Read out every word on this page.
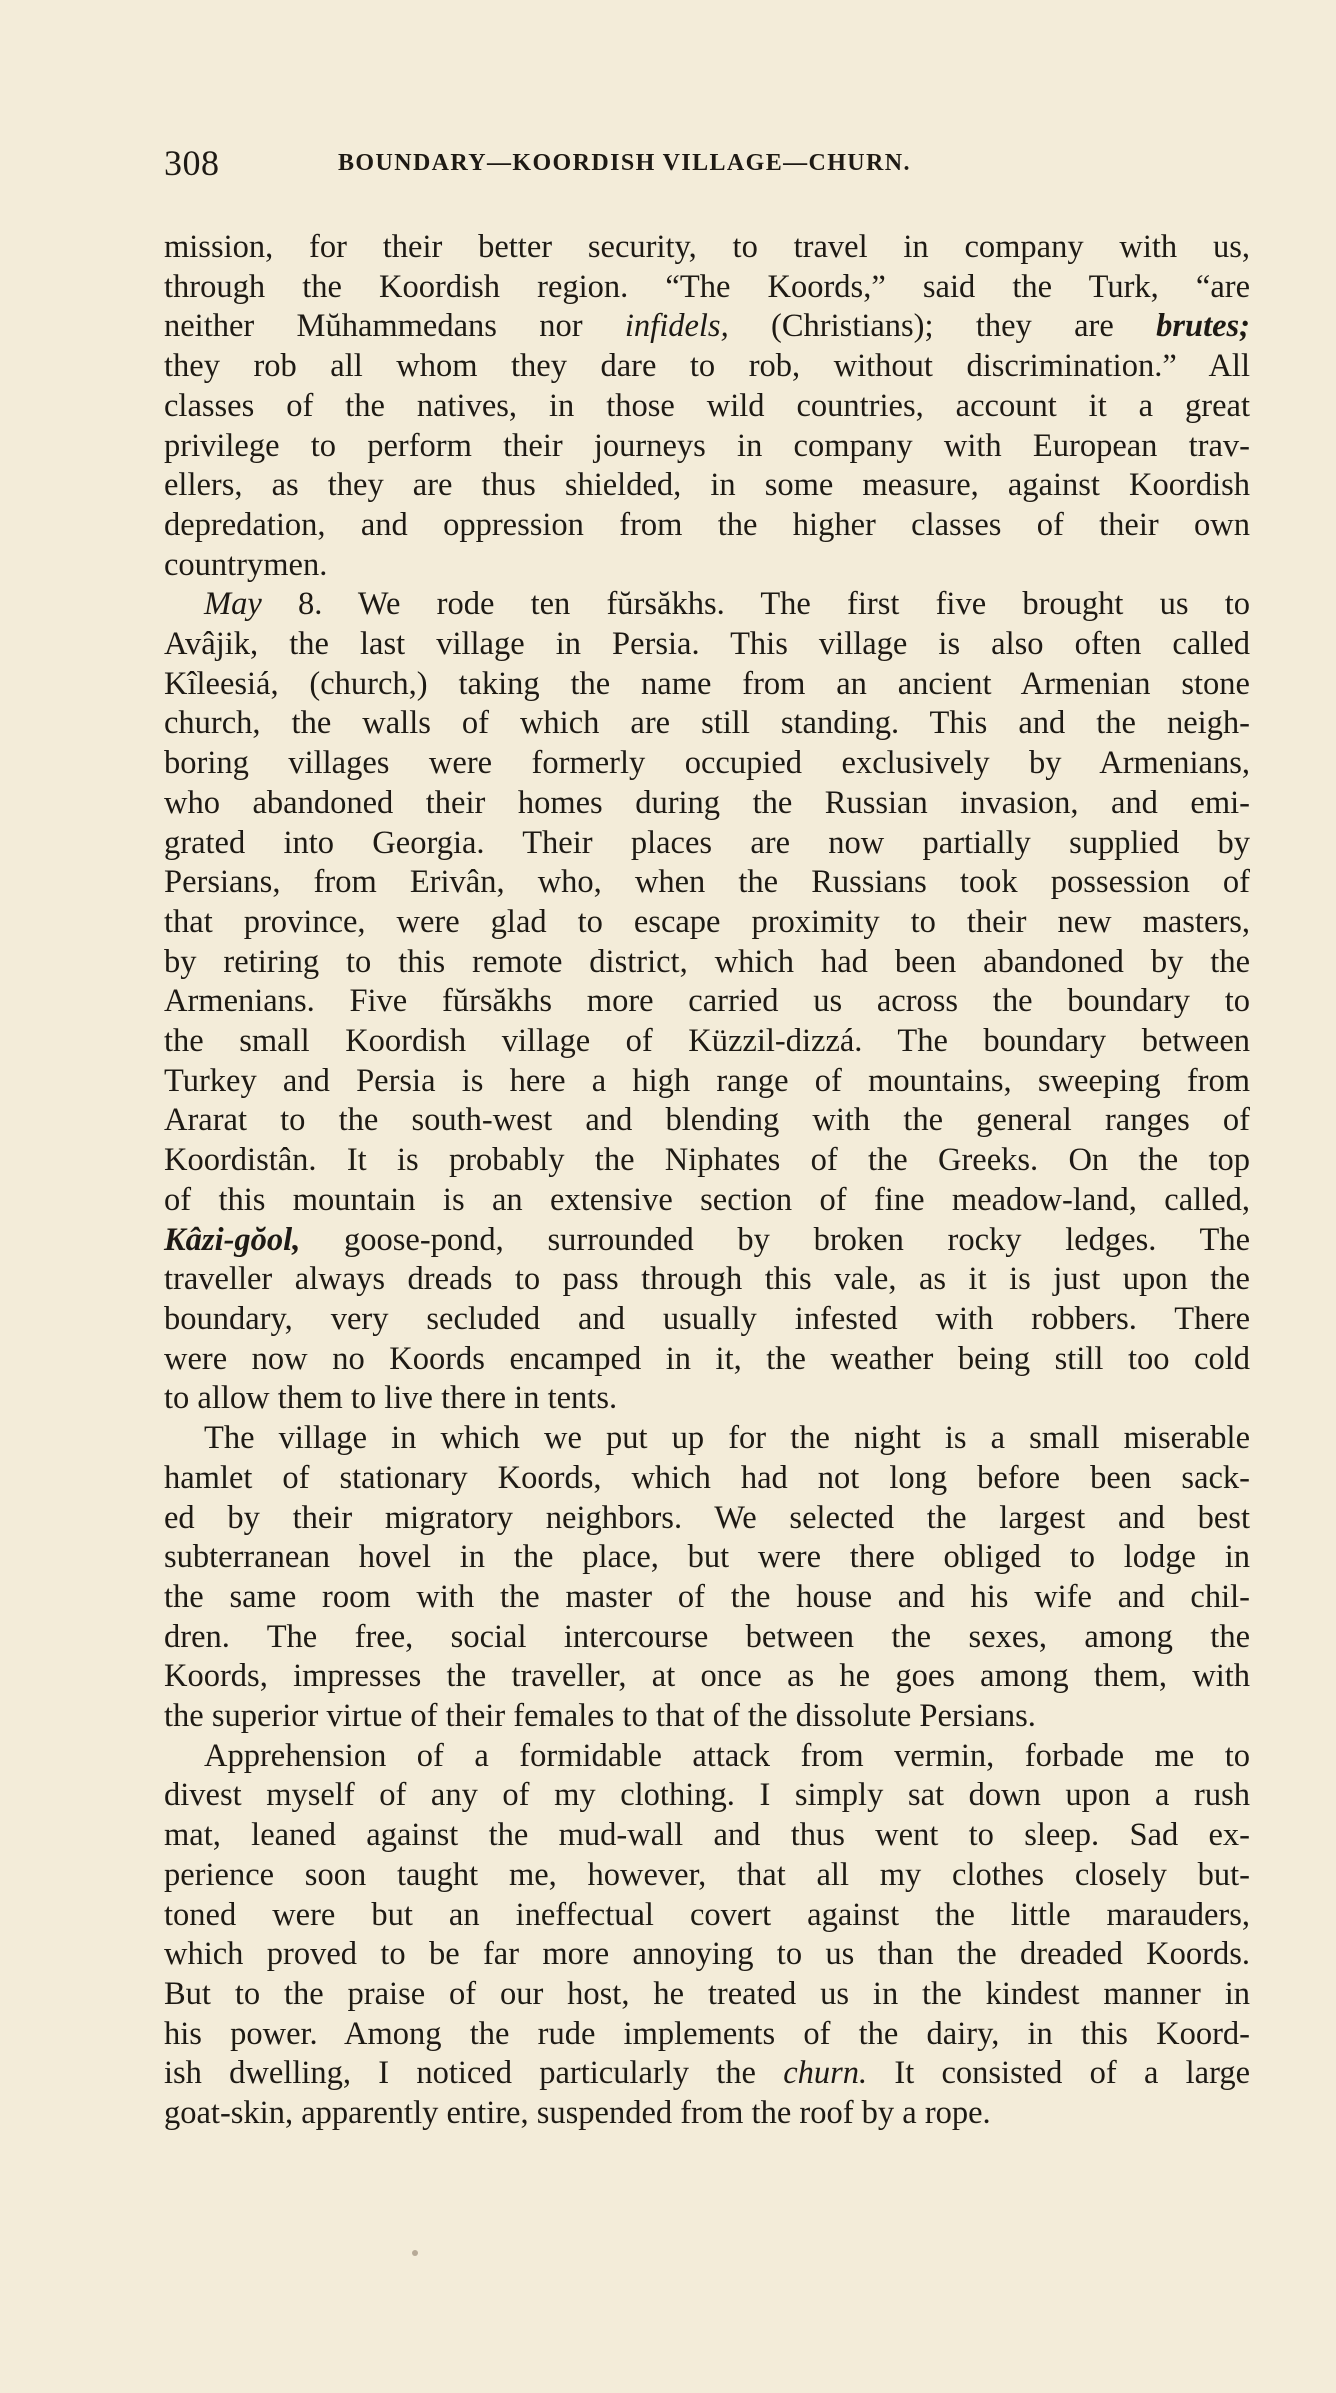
308	BOUNDARY—KOORDISH VILLAGE—CHURN.
mission, for their better security, to travel in company with us,
through the Koordish region. “The Koords,” said the Turk, “are
neither Mŭhammedans nor infidels, (Christians); they are brutes;
they rob all whom they dare to rob, without discrimination.” All
classes of the natives, in those wild countries, account it a great
privilege to perform their journeys in company with European trav-
ellers, as they are thus shielded, in some measure, against Koordish
depredation, and oppression from the higher classes of their own
countrymen.
May 8. We rode ten fŭrsăkhs. The first five brought us to
Avâjik, the last village in Persia. This village is also often called
Kîleesiá, (church,) taking the name from an ancient Armenian stone
church, the walls of which are still standing. This and the neigh-
boring villages were formerly occupied exclusively by Armenians,
who abandoned their homes during the Russian invasion, and emi-
grated into Georgia. Their places are now partially supplied by
Persians, from Erivân, who, when the Russians took possession of
that province, were glad to escape proximity to their new masters,
by retiring to this remote district, which had been abandoned by the
Armenians. Five fŭrsăkhs more carried us across the boundary to
the small Koordish village of Küzzil-dizzá. The boundary between
Turkey and Persia is here a high range of mountains, sweeping from
Ararat to the south-west and blending with the general ranges of
Koordistân. It is probably the Niphates of the Greeks. On the top
of this mountain is an extensive section of fine meadow-land, called,
Kâzi-gŏol, goose-pond, surrounded by broken rocky ledges. The
traveller always dreads to pass through this vale, as it is just upon the
boundary, very secluded and usually infested with robbers. There
were now no Koords encamped in it, the weather being still too cold
to allow them to live there in tents.
The village in which we put up for the night is a small miserable
hamlet of stationary Koords, which had not long before been sack-
ed by their migratory neighbors. We selected the largest and best
subterranean hovel in the place, but were there obliged to lodge in
the same room with the master of the house and his wife and chil-
dren. The free, social intercourse between the sexes, among the
Koords, impresses the traveller, at once as he goes among them, with
the superior virtue of their females to that of the dissolute Persians.
Apprehension of a formidable attack from vermin, forbade me to
divest myself of any of my clothing. I simply sat down upon a rush
mat, leaned against the mud-wall and thus went to sleep. Sad ex-
perience soon taught me, however, that all my clothes closely but-
toned were but an ineffectual covert against the little marauders,
which proved to be far more annoying to us than the dreaded Koords.
But to the praise of our host, he treated us in the kindest manner in
his power. Among the rude implements of the dairy, in this Koord-
ish dwelling, I noticed particularly the churn. It consisted of a large
goat-skin, apparently entire, suspended from the roof by a rope.
